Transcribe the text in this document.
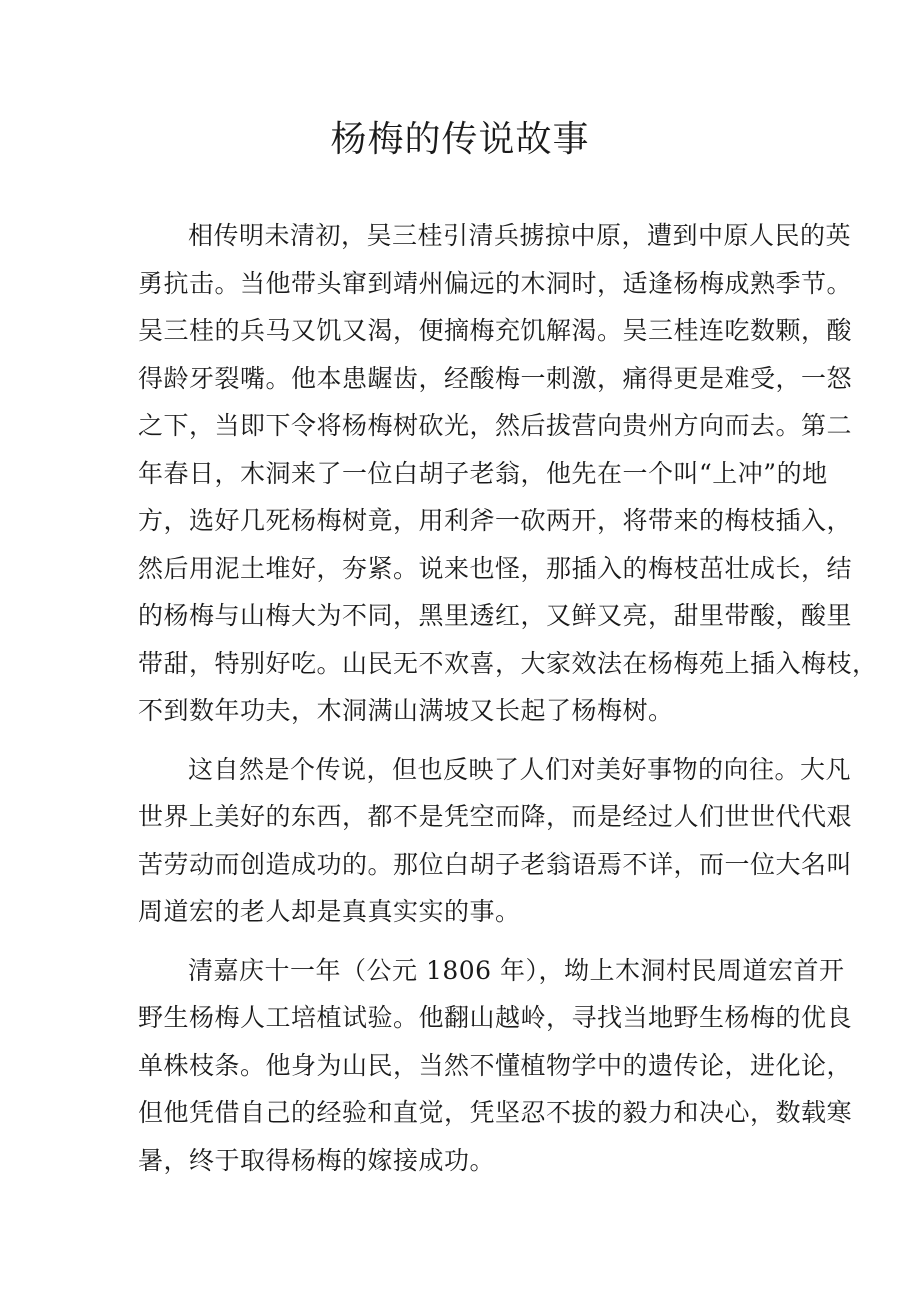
杨梅的传说故事

相传明未清初，吴三桂引清兵掳掠中原，遭到中原人民的英
勇抗击。当他带头窜到靖州偏远的木洞时，适逢杨梅成熟季节。
吴三桂的兵马又饥又渴，便摘梅充饥解渴。吴三桂连吃数颗，酸
得龄牙裂嘴。他本患龌齿，经酸梅一刺激，痛得更是难受，一怒
之下，当即下令将杨梅树砍光，然后拔营向贵州方向而去。第二
年春日，木洞来了一位白胡子老翁，他先在一个叫“上冲”的地
方，选好几死杨梅树竟，用利斧一砍两开，将带来的梅枝插入，
然后用泥土堆好，夯紧。说来也怪，那插入的梅枝茁壮成长，结
的杨梅与山梅大为不同，黑里透红，又鲜又亮，甜里带酸，酸里
带甜，特别好吃。山民无不欢喜，大家效法在杨梅苑上插入梅枝，
不到数年功夫，木洞满山满坡又长起了杨梅树。

这自然是个传说，但也反映了人们对美好事物的向往。大凡
世界上美好的东西，都不是凭空而降，而是经过人们世世代代艰
苦劳动而创造成功的。那位白胡子老翁语焉不详，而一位大名叫
周道宏的老人却是真真实实的事。

清嘉庆十一年（公元 1806 年），坳上木洞村民周道宏首开
野生杨梅人工培植试验。他翻山越岭，寻找当地野生杨梅的优良
单株枝条。他身为山民，当然不懂植物学中的遗传论，进化论，
但他凭借自己的经验和直觉，凭坚忍不拔的毅力和决心，数载寒
暑，终于取得杨梅的嫁接成功。
